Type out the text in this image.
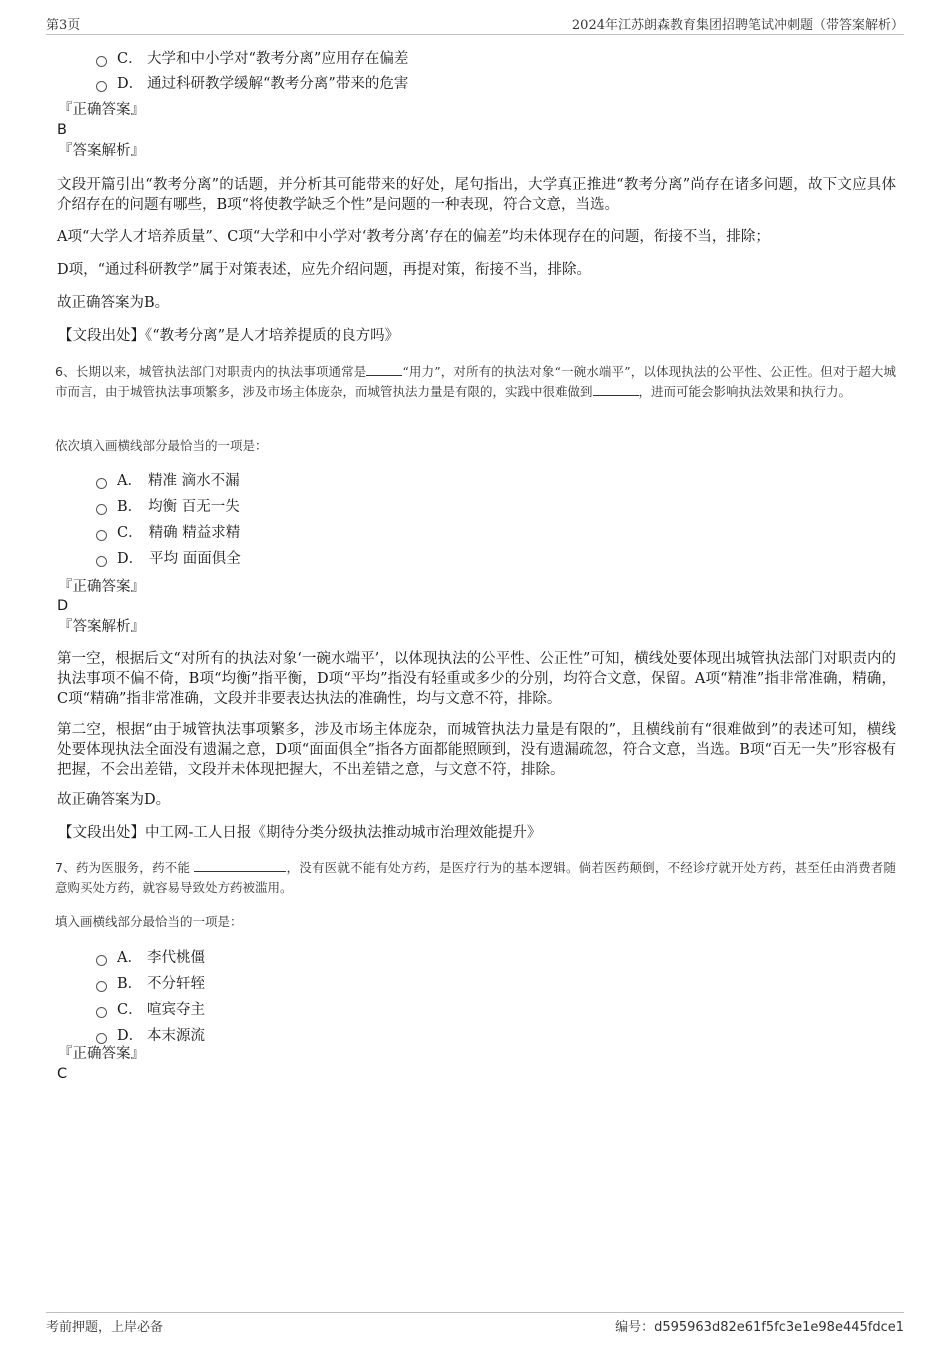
第3页	2024年江苏朗森教育集团招聘笔试冲刺题（带答案解析）
C． 大学和中小学对“教考分离”应用存在偏差
D． 通过科研教学缓解“教考分离”带来的危害
『正确答案』
B
『答案解析』
文段开篇引出“教考分离”的话题，并分析其可能带来的好处，尾句指出，大学真正推进“教考分离”尚存在诸多问题，故下文应具体介绍存在的问题有哪些，B项“将使教学缺乏个性”是问题的一种表现，符合文意，当选。
A项“大学人才培养质量”、C项“大学和中小学对‘教考分离’存在的偏差”均未体现存在的问题，衔接不当，排除；
D项，“通过科研教学”属于对策表述，应先介绍问题，再提对策，衔接不当，排除。
故正确答案为B。
【文段出处】《“教考分离”是人才培养提质的良方吗》
6、长期以来，城管执法部门对职责内的执法事项通常是	“用力”，对所有的执法对象“一碗水端平”，以体现执法的公平性、公正性。但对于超大城市而言，由于城管执法事项繁多，涉及市场主体庞杂，而城管执法力量是有限的，实践中很难做到	，进而可能会影响执法效果和执行力。
依次填入画横线部分最恰当的一项是：
A． 精准 滴水不漏
B． 均衡 百无一失
C． 精确 精益求精
D． 平均 面面俱全
『正确答案』
D
『答案解析』
第一空，根据后文“对所有的执法对象‘一碗水端平’，以体现执法的公平性、公正性”可知，横线处要体现出城管执法部门对职责内的执法事项不偏不倚，B项“均衡”指平衡，D项“平均”指没有轻重或多少的分别，均符合文意，保留。A项“精准”指非常准确，精确，C项“精确”指非常准确，文段并非要表达执法的准确性，均与文意不符，排除。
第二空，根据“由于城管执法事项繁多，涉及市场主体庞杂，而城管执法力量是有限的”，且横线前有“很难做到”的表述可知，横线处要体现执法全面没有遗漏之意，D项“面面俱全”指各方面都能照顾到，没有遗漏疏忽，符合文意，当选。B项“百无一失”形容极有把握，不会出差错，文段并未体现把握大，不出差错之意，与文意不符，排除。
故正确答案为D。
【文段出处】中工网-工人日报《期待分类分级执法推动城市治理效能提升》
7、药为医服务，药不能	，没有医就不能有处方药，是医疗行为的基本逻辑。倘若医药颠倒，不经诊疗就开处方药，甚至任由消费者随意购买处方药，就容易导致处方药被滥用。
填入画横线部分最恰当的一项是：
A． 李代桃僵
B． 不分轩轾
C． 喧宾夺主
D． 本末源流
『正确答案』
C
考前押题，上岸必备	编号：d595963d82e61f5fc3e1e98e445fdce1
